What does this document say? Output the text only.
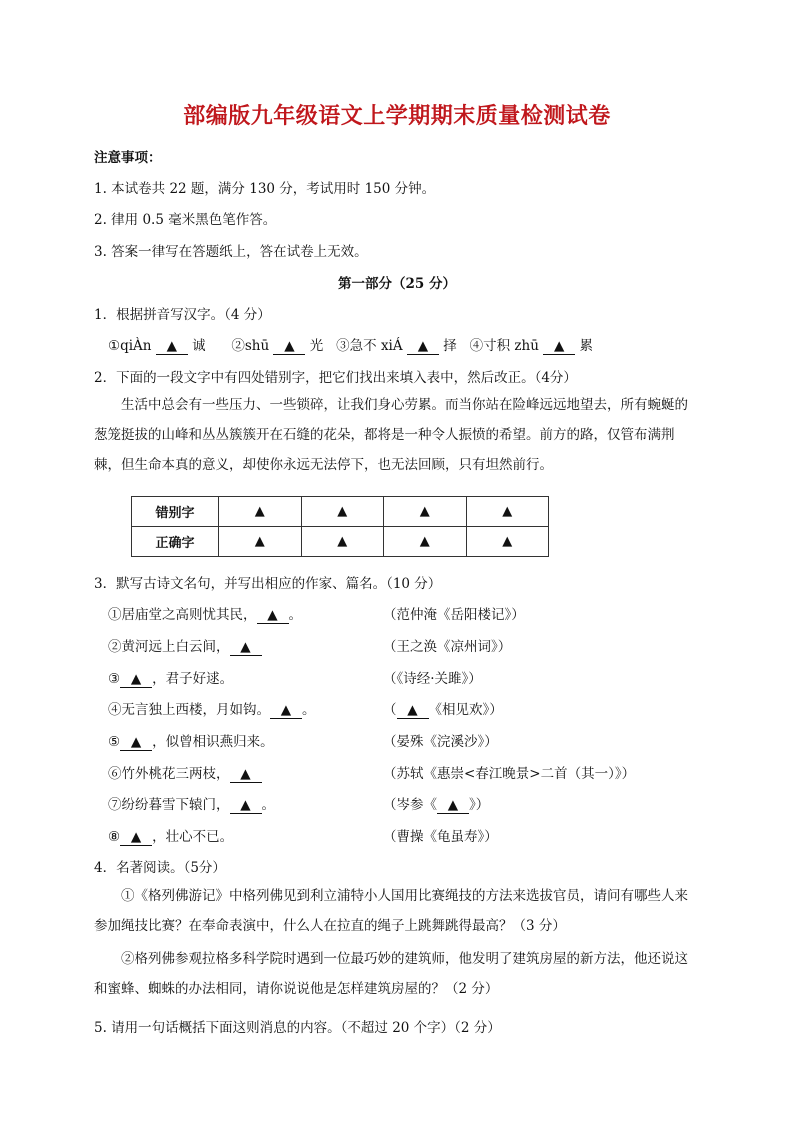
部编版九年级语文上学期期末质量检测试卷
注意事项：
1. 本试卷共 22 题，满分 130 分，考试用时 150 分钟。
2. 律用 0.5 毫米黑色笔作答。
3. 答案一律写在答题纸上，答在试卷上无效。
第一部分（25 分）
1．根据拼音写汉字。（4 分）
①qiÀn ▲ 诚 ②shū ▲ 光 ③急不 xiÁ ▲ 择 ④寸积 zhū ▲ 累
2．下面的一段文字中有四处错别字，把它们找出来填入表中，然后改正。（4分）
生活中总会有一些压力、一些锁碎，让我们身心劳累。而当你站在险峰远远地望去，所有蜿蜒的葱笼挺拔的山峰和丛丛簇簇开在石缝的花朵，都将是一种令人振愤的希望。前方的路，仅管布满荆棘，但生命本真的意义，却使你永远无法停下，也无法回顾，只有坦然前行。
错别字	▲	▲	▲	▲
正确字	▲	▲	▲	▲
3．默写古诗文名句，并写出相应的作家、篇名。（10 分）
①居庙堂之高则忧其民， ▲ 。	（范仲淹《岳阳楼记》）
②黄河远上白云间， ▲	（王之涣《凉州词》）
③ ▲ ，君子好逑。	（《诗经·关雎》）
④无言独上西楼，月如钩。 ▲ 。	（ ▲ 《相见欢》）
⑤ ▲ ，似曾相识燕归来。	（晏殊《浣溪沙》）
⑥竹外桃花三两枝， ▲	（苏轼《惠崇<春江晚景>二首（其一）》）
⑦纷纷暮雪下辕门， ▲ 。	（岑参《 ▲ 》）
⑧ ▲ ，壮心不已。	（曹操《龟虽寿》）
4．名著阅读。（5分）
①《格列佛游记》中格列佛见到利立浦特小人国用比赛绳技的方法来选拔官员，请问有哪些人来参加绳技比赛？在奉命表演中，什么人在拉直的绳子上跳舞跳得最高？（3 分）
②格列佛参观拉格多科学院时遇到一位最巧妙的建筑师，他发明了建筑房屋的新方法，他还说这和蜜蜂、蜘蛛的办法相同，请你说说他是怎样建筑房屋的？（2 分）
5. 请用一句话概括下面这则消息的内容。（不超过 20 个字）（2 分）
